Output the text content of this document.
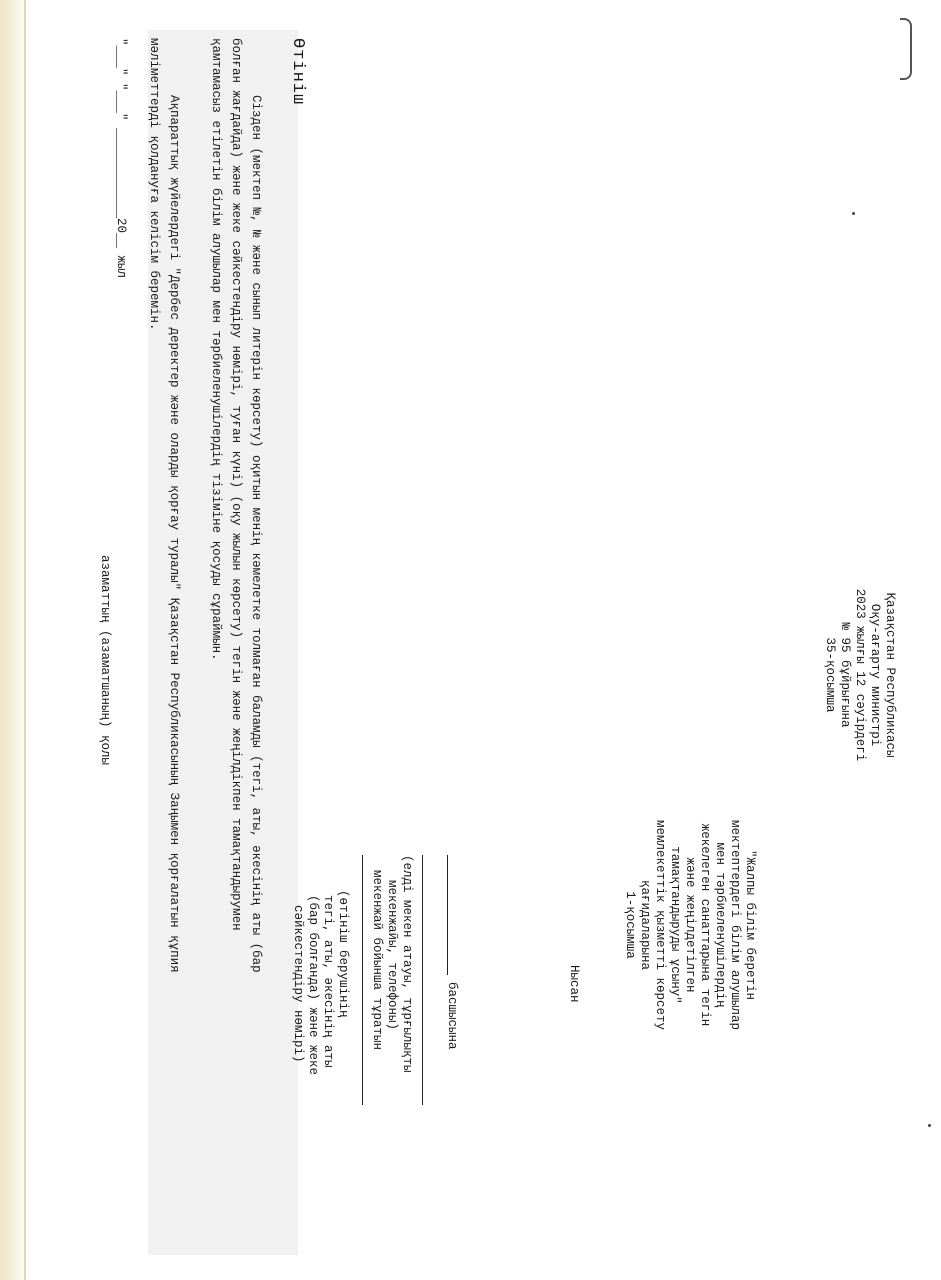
Қазақстан Республикасы
Оқу-ағарту министрі
2023 жылғы 12 сәуірдегі
№ 95 бұйрығына
35-қосымша
"Жалпы білім беретін
мектептердегі білім алушылар
мен тәрбиеленушілердің
жекелеген санаттарына тегін
және жеңілдетілген
тамақтандыруды ұсыну"
мемлекеттік қызметті көрсету
қағидаларына
1-қосымша
Нысан
басшысына
(елді мекен атауы, тұрғылықты
мекенжайы, телефоны)
мекенжай бойынша тұратын
(өтініш берушінің
тегі, аты, әкесінің аты
(бар болғанда) және жеке
сәйкестендіру нөмірі)
Өтініш
Сізден (мектеп №, № және сынып литерін көрсету) оқитын менің кәмелетке толмаған баламды (тегі, аты, әкесінің аты (бар
болған жағдайда) және жеке сәйкестендіру нөмірі, туған күні) (оқу жылын көрсету) тегін және жеңілдікпен тамақтандырумен
қамтамасыз етілетін білім алушылар мен тәрбиеленушілердің тізіміне қосуды сұраймын.
Ақпараттық жүйелердегі "Дербес деректер және оларды қорғау туралы" Қазақстан Республикасының Заңымен қорғалатын құпия
мәліметтерді қолдануға келісім беремін.
"___" "___" ____________20__ жыл
азаматтың (азаматшаның) қолы
